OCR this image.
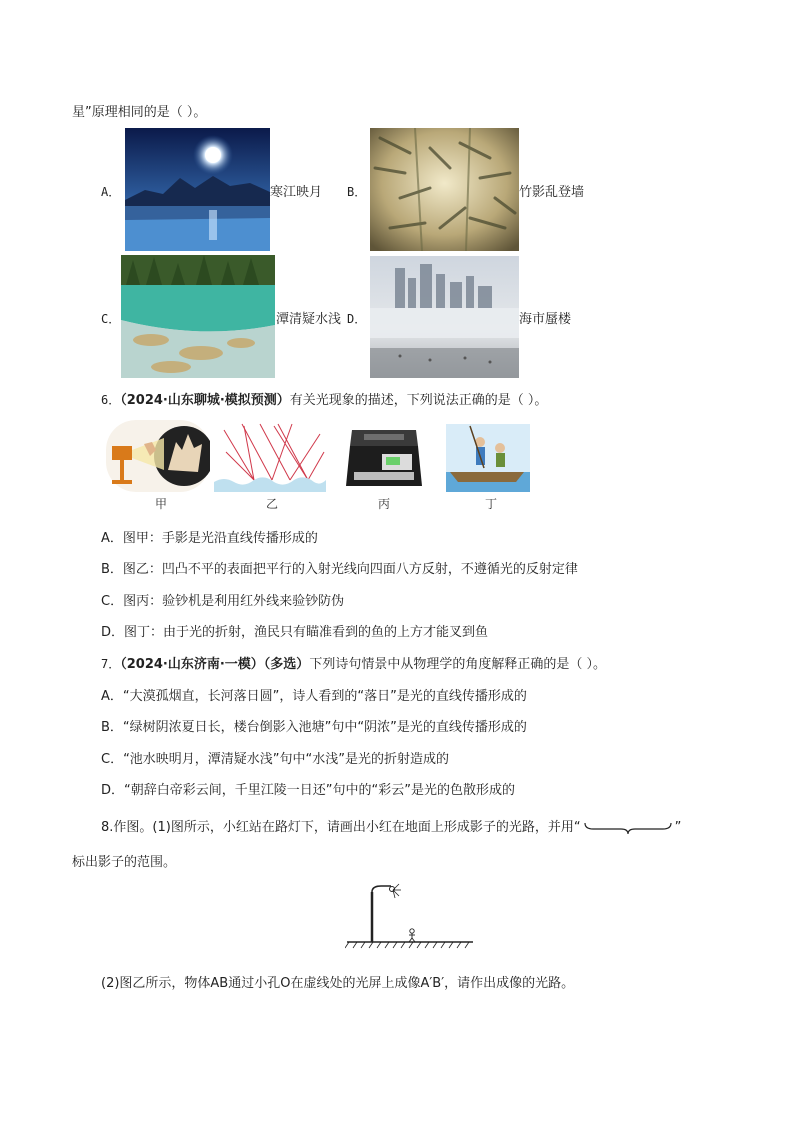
星”原理相同的是（ ）。
A．	寒江映月 B．	竹影乱登墙
C．	潭清疑水浅 D．	海市蜃楼
6．（2024·山东聊城·模拟预测）有关光现象的描述，下列说法正确的是（ ）。
甲	乙	丙	丁
A．图甲：手影是光沿直线传播形成的
B．图乙：凹凸不平的表面把平行的入射光线向四面八方反射，不遵循光的反射定律
C．图丙：验钞机是利用红外线来验钞防伪
D．图丁：由于光的折射，渔民只有瞄准看到的鱼的上方才能叉到鱼
7．（2024·山东济南·一模）（多选）下列诗句情景中从物理学的角度解释正确的是（ ）。
A．“大漠孤烟直，长河落日圆”，诗人看到的“落日”是光的直线传播形成的
B．“绿树阴浓夏日长，楼台倒影入池塘”句中“阴浓”是光的直线传播形成的
C．“池水映明月，潭清疑水浅”句中“水浅”是光的折射造成的
D．“朝辞白帝彩云间，千里江陵一日还”句中的“彩云”是光的色散形成的
8.作图。(1)图所示，小红站在路灯下，请画出小红在地面上形成影子的光路，并用“	”
标出影子的范围。
(2)图乙所示，物体AB通过小孔O在虚线处的光屏上成像A′B′，请作出成像的光路。
